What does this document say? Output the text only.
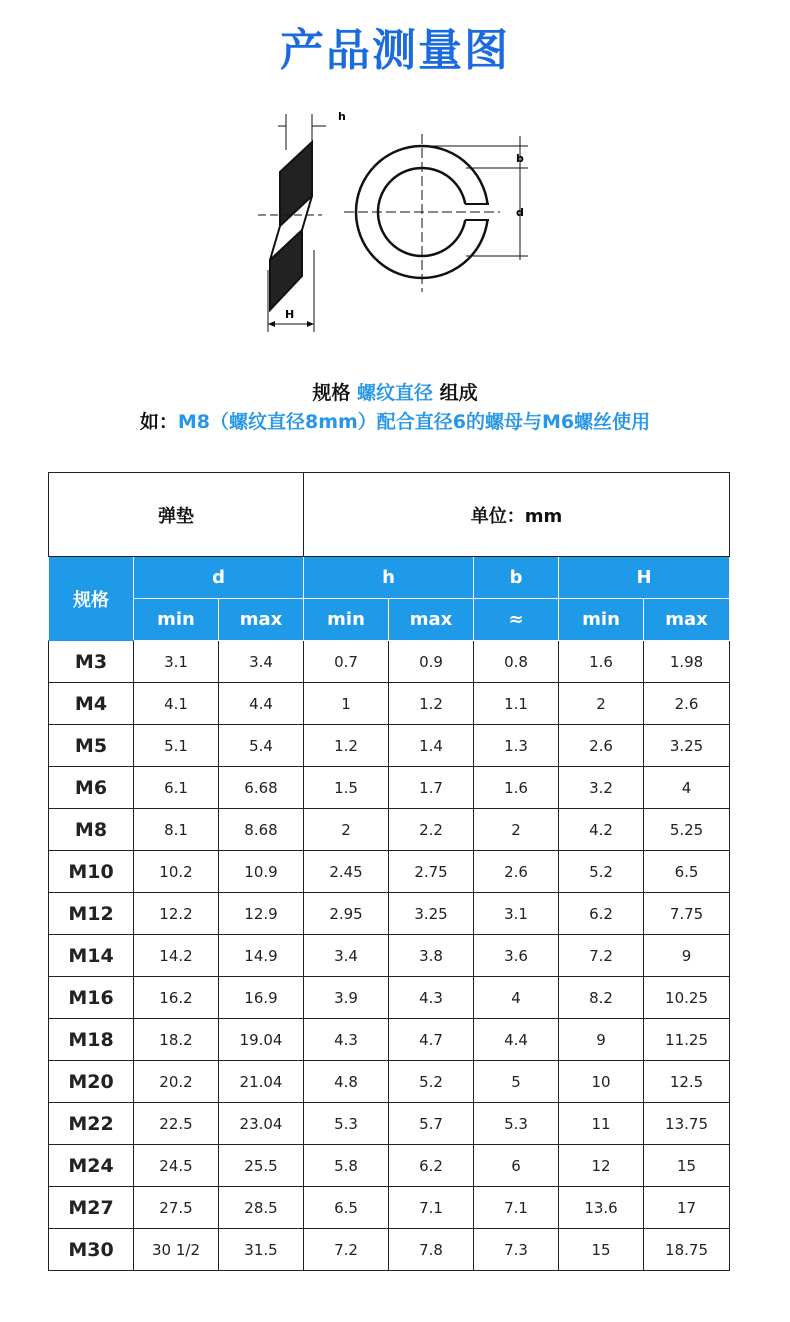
产品测量图
h
b
d
H
规格 螺纹直径 组成
如：M8（螺纹直径8mm）配合直径6的螺母与M6螺丝使用
弹垫			单位：mm				
规格	d		h		b	H	
	min	max	min	max	≈	min	max
M3	3.1	3.4	0.7	0.9	0.8	1.6	1.98
M4	4.1	4.4	1	1.2	1.1	2	2.6
M5	5.1	5.4	1.2	1.4	1.3	2.6	3.25
M6	6.1	6.68	1.5	1.7	1.6	3.2	4
M8	8.1	8.68	2	2.2	2	4.2	5.25
M10	10.2	10.9	2.45	2.75	2.6	5.2	6.5
M12	12.2	12.9	2.95	3.25	3.1	6.2	7.75
M14	14.2	14.9	3.4	3.8	3.6	7.2	9
M16	16.2	16.9	3.9	4.3	4	8.2	10.25
M18	18.2	19.04	4.3	4.7	4.4	9	11.25
M20	20.2	21.04	4.8	5.2	5	10	12.5
M22	22.5	23.04	5.3	5.7	5.3	11	13.75
M24	24.5	25.5	5.8	6.2	6	12	15
M27	27.5	28.5	6.5	7.1	7.1	13.6	17
M30	30 1/2	31.5	7.2	7.8	7.3	15	18.75
